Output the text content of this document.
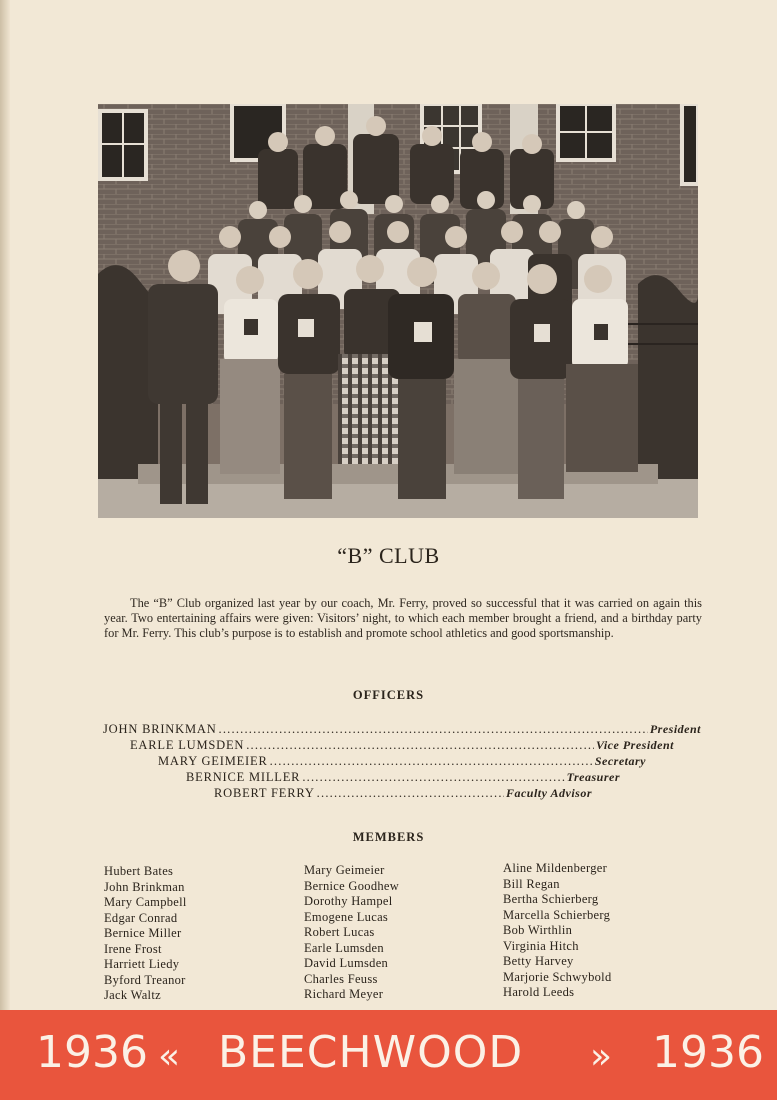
“B” CLUB

The “B” Club organized last year by our coach, Mr. Ferry, proved so successful that it was carried on again this year. Two entertaining affairs were given: Visitors’ night, to which each member brought a friend, and a birthday party for Mr. Ferry. This club’s purpose is to establish and promote school athletics and good sportsmanship.

OFFICERS
JOHN BRINKMAN .....	President
EARLE LUMSDEN .....	Vice President
MARY GEIMEIER .....	Secretary
BERNICE MILLER .....	Treasurer
ROBERT FERRY .....	Faculty Advisor
MEMBERS
Hubert Bates
John Brinkman
Mary Campbell
Edgar Conrad
Bernice Miller
Irene Frost
Harriett Liedy
Byford Treanor
Jack Waltz
Mary Geimeier
Bernice Goodhew
Dorothy Hampel
Emogene Lucas
Robert Lucas
Earle Lumsden
David Lumsden
Charles Feuss
Richard Meyer
Aline Mildenberger
Bill Regan
Bertha Schierberg
Marcella Schierberg
Bob Wirthlin
Virginia Hitch
Betty Harvey
Marjorie Schwybold
Harold Leeds
1936 « BEECHWOOD » 1936
